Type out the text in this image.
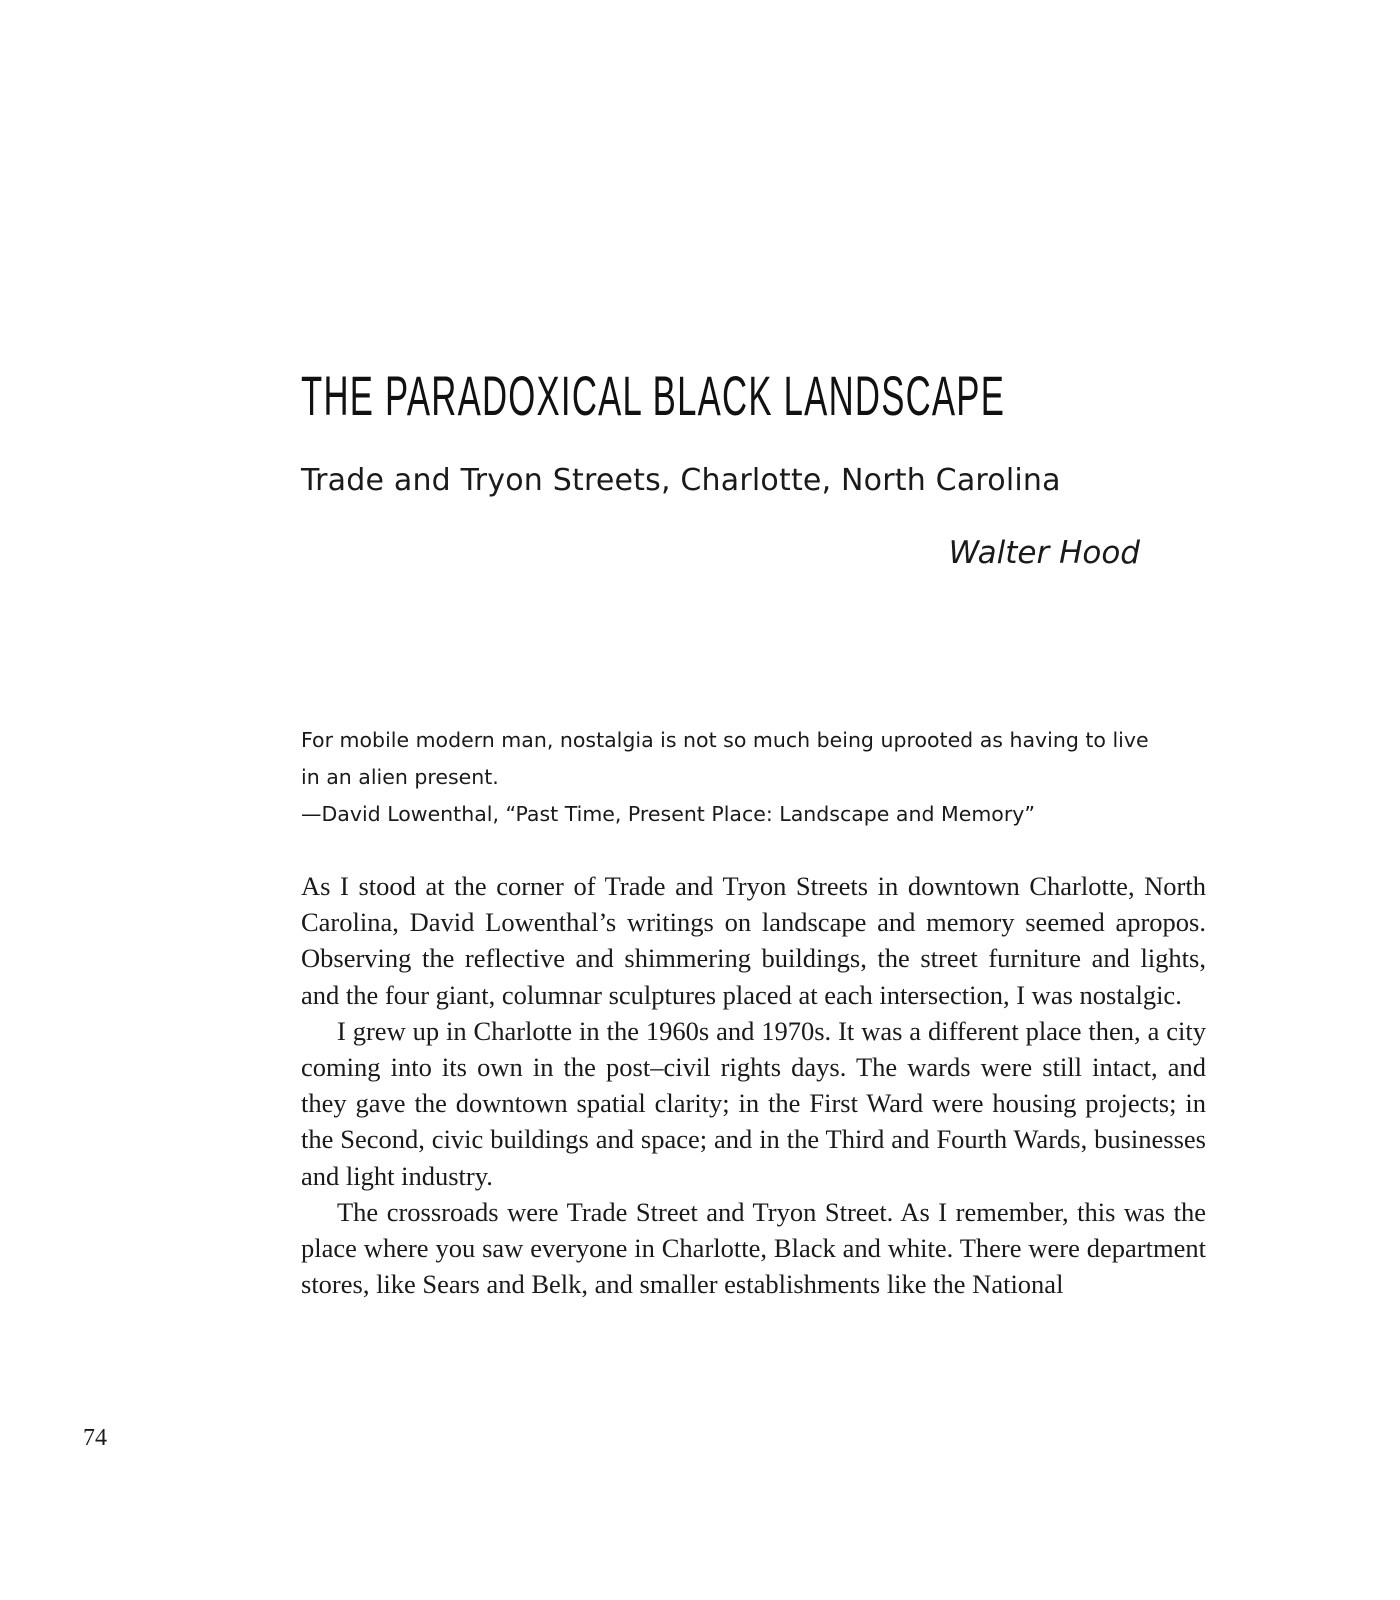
THE PARADOXICAL BLACK LANDSCAPE
Trade and Tryon Streets, Charlotte, North Carolina
Walter Hood

For mobile modern man, nostalgia is not so much being uprooted as having to live in an alien present.

—David Lowenthal, “Past Time, Present Place: Landscape and Memory”

As I stood at the corner of Trade and Tryon Streets in downtown Charlotte, North Carolina, David Lowenthal’s writings on landscape and memory seemed apropos. Observing the reflective and shimmering buildings, the street furniture and lights, and the four giant, columnar sculptures placed at each intersection, I was nostalgic.

I grew up in Charlotte in the 1960s and 1970s. It was a different place then, a city coming into its own in the post–civil rights days. The wards were still intact, and they gave the downtown spatial clarity; in the First Ward were housing projects; in the Second, civic buildings and space; and in the Third and Fourth Wards, businesses and light industry.

The crossroads were Trade Street and Tryon Street. As I remember, this was the place where you saw everyone in Charlotte, Black and white. There were department stores, like Sears and Belk, and smaller establishments like the National

74
